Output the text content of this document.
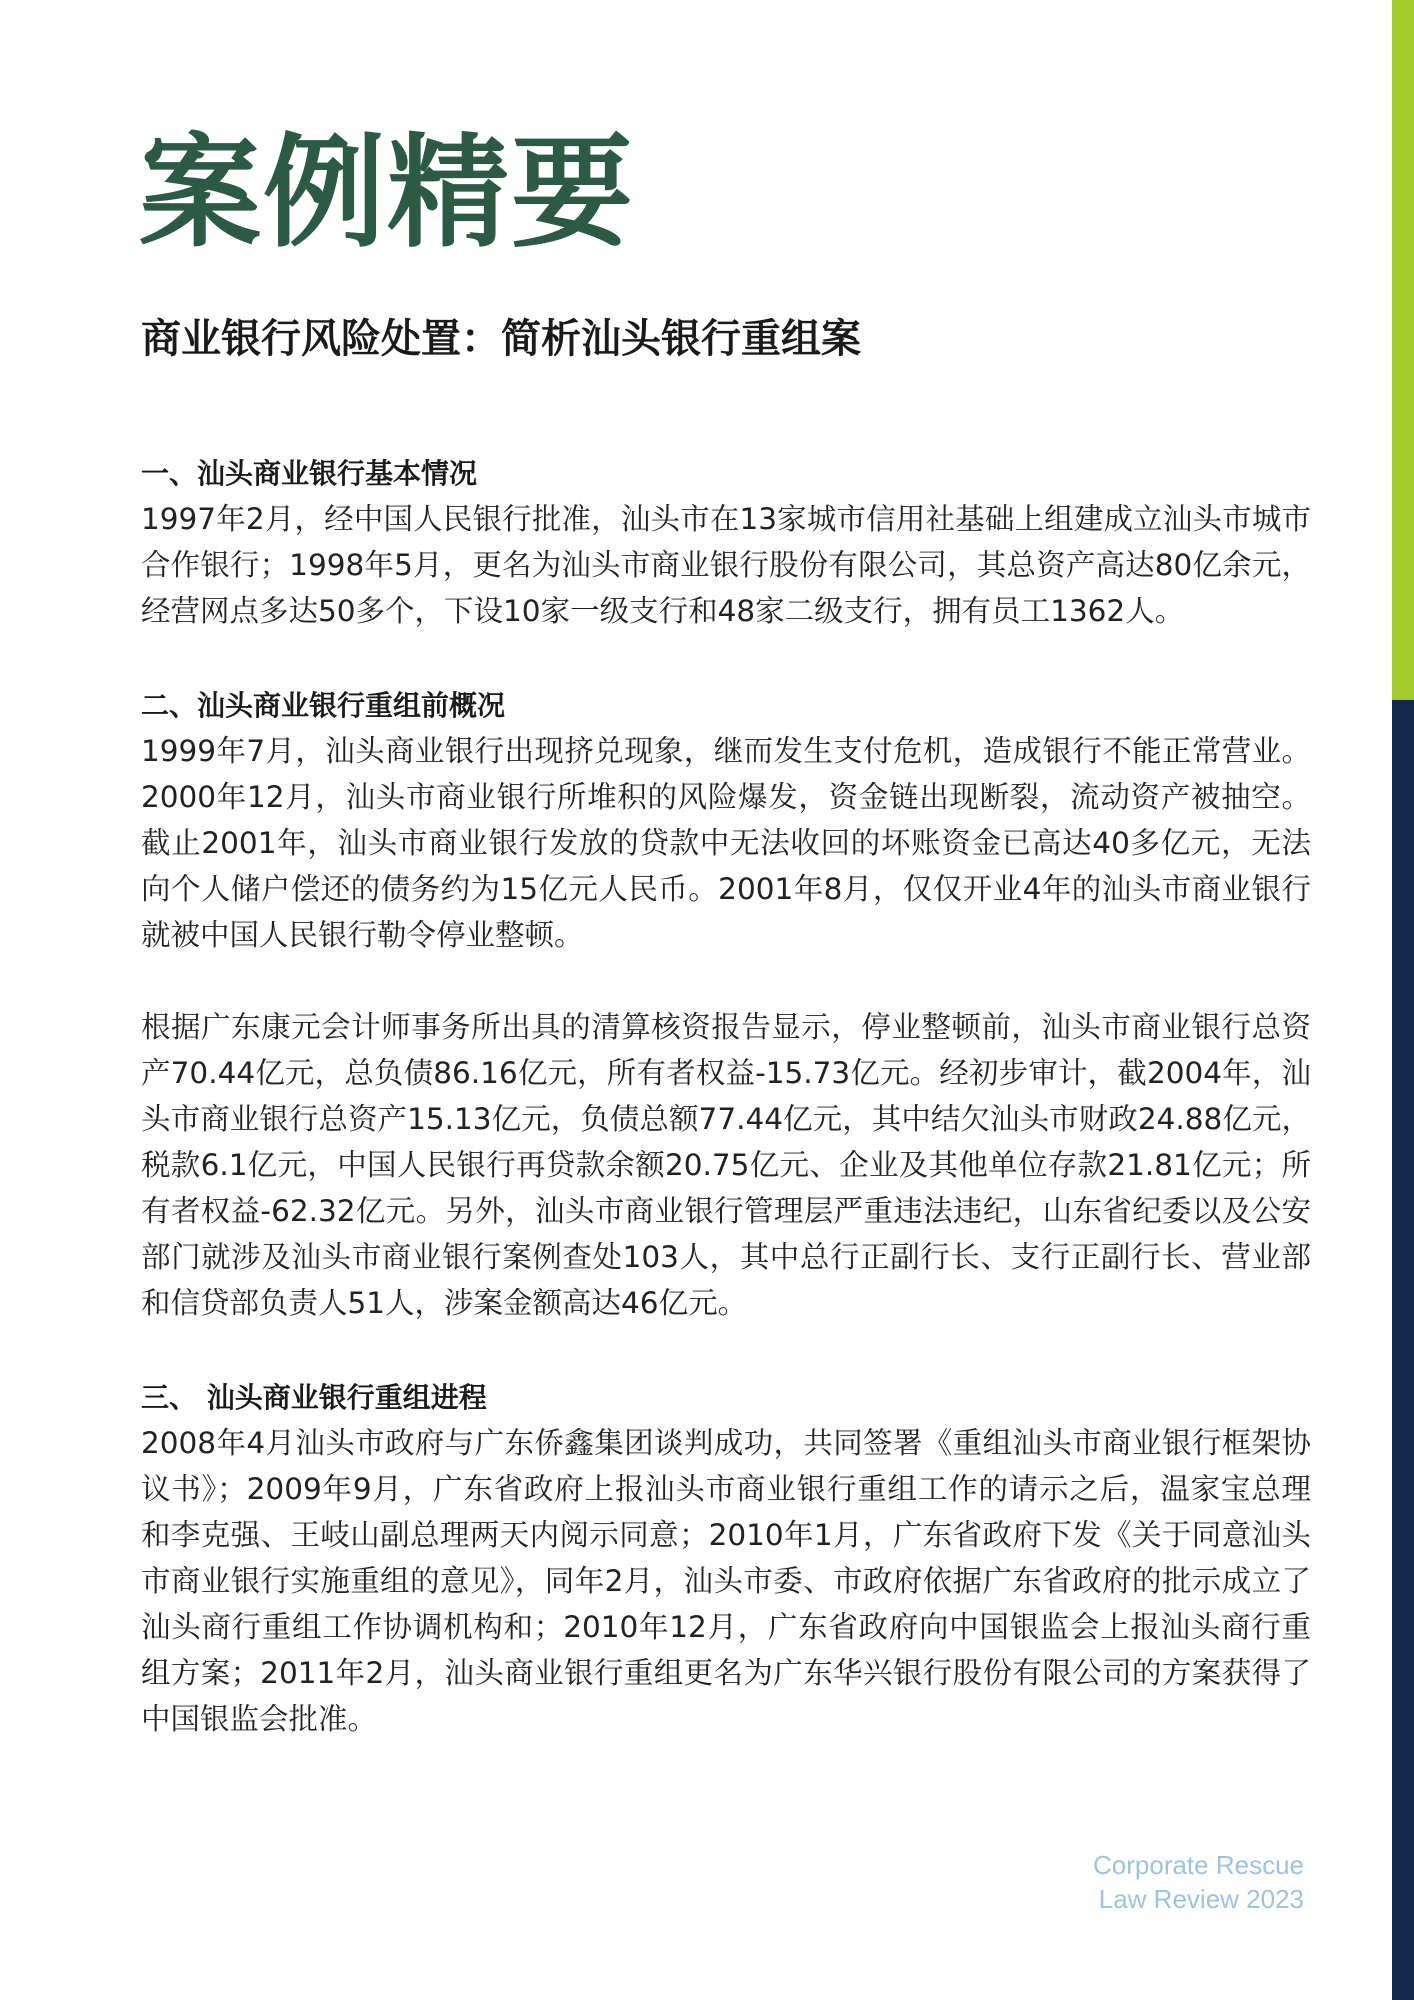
案例精要
商业银行风险处置：简析汕头银行重组案
一、汕头商业银行基本情况

1997年2月，经中国人民银行批准，汕头市在13家城市信用社基础上组建成立汕头市城市合作银行；1998年5月，更名为汕头市商业银行股份有限公司，其总资产高达80亿余元，经营网点多达50多个，下设10家一级支行和48家二级支行，拥有员工1362人。

二、汕头商业银行重组前概况

1999年7月，汕头商业银行出现挤兑现象，继而发生支付危机，造成银行不能正常营业。2000年12月，汕头市商业银行所堆积的风险爆发，资金链出现断裂，流动资产被抽空。截止2001年，汕头市商业银行发放的贷款中无法收回的坏账资金已高达40多亿元，无法向个人储户偿还的债务约为15亿元人民币。2001年8月，仅仅开业4年的汕头市商业银行就被中国人民银行勒令停业整顿。

根据广东康元会计师事务所出具的清算核资报告显示，停业整顿前，汕头市商业银行总资产70.44亿元，总负债86.16亿元，所有者权益-15.73亿元。经初步审计，截2004年，汕头市商业银行总资产15.13亿元，负债总额77.44亿元，其中结欠汕头市财政24.88亿元，税款6.1亿元，中国人民银行再贷款余额20.75亿元、企业及其他单位存款21.81亿元；所有者权益-62.32亿元。另外，汕头市商业银行管理层严重违法违纪，山东省纪委以及公安部门就涉及汕头市商业银行案例查处103人，其中总行正副行长、支行正副行长、营业部和信贷部负责人51人，涉案金额高达46亿元。

三、 汕头商业银行重组进程

2008年4月汕头市政府与广东侨鑫集团谈判成功，共同签署《重组汕头市商业银行框架协议书》；2009年9月，广东省政府上报汕头市商业银行重组工作的请示之后，温家宝总理和李克强、王岐山副总理两天内阅示同意；2010年1月，广东省政府下发《关于同意汕头市商业银行实施重组的意见》，同年2月，汕头市委、市政府依据广东省政府的批示成立了汕头商行重组工作协调机构和；2010年12月，广东省政府向中国银监会上报汕头商行重组方案；2011年2月，汕头商业银行重组更名为广东华兴银行股份有限公司的方案获得了中国银监会批准。

Corporate Rescue
Law Review 2023
